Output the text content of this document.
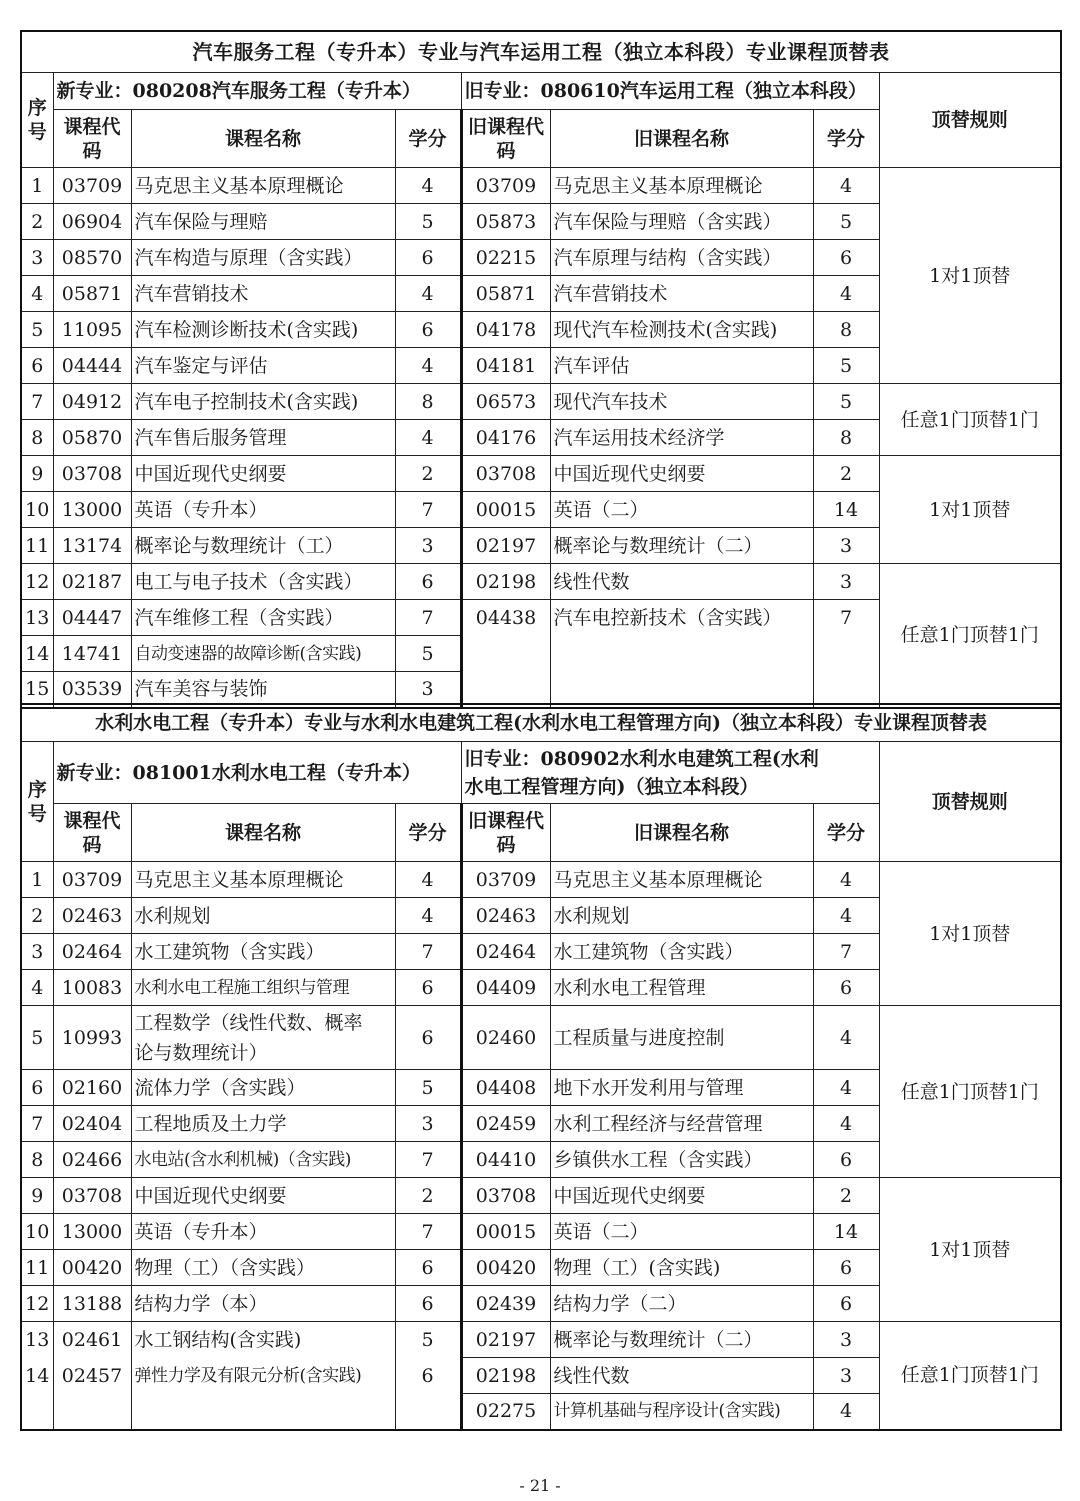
汽车服务工程（专升本）专业与汽车运用工程（独立本科段）专业课程顶替表							
序号	新专业：080208汽车服务工程（专升本）			旧专业：080610汽车运用工程（独立本科段）			顶替规则
	课程代码	课程名称	学分	旧课程代码	旧课程名称	学分	
1	03709	马克思主义基本原理概论	4	03709	马克思主义基本原理概论	4	1对1顶替
2	06904	汽车保险与理赔	5	05873	汽车保险与理赔（含实践）	5	
3	08570	汽车构造与原理（含实践）	6	02215	汽车原理与结构（含实践）	6	
4	05871	汽车营销技术	4	05871	汽车营销技术	4	
5	11095	汽车检测诊断技术(含实践)	6	04178	现代汽车检测技术(含实践)	8	
6	04444	汽车鉴定与评估	4	04181	汽车评估	5	
7	04912	汽车电子控制技术(含实践)	8	06573	现代汽车技术	5	任意1门顶替1门
8	05870	汽车售后服务管理	4	04176	汽车运用技术经济学	8	
9	03708	中国近现代史纲要	2	03708	中国近现代史纲要	2	1对1顶替
10	13000	英语（专升本）	7	00015	英语（二）	14	
11	13174	概率论与数理统计（工）	3	02197	概率论与数理统计（二）	3	
12	02187	电工与电子技术（含实践）	6	02198	线性代数	3	任意1门顶替1门
13	04447	汽车维修工程（含实践）	7	04438	汽车电控新技术（含实践）	7	
14	14741	自动变速器的故障诊断(含实践)	5				
15	03539	汽车美容与装饰	3				
水利水电工程（专升本）专业与水利水电建筑工程(水利水电工程管理方向)（独立本科段）专业课程顶替表							
序号	新专业：081001水利水电工程（专升本）			旧专业：080902水利水电建筑工程(水利
水电工程管理方向)（独立本科段）			顶替规则
	课程代码	课程名称	学分	旧课程代码	旧课程名称	学分	
1	03709	马克思主义基本原理概论	4	03709	马克思主义基本原理概论	4	1对1顶替
2	02463	水利规划	4	02463	水利规划	4	
3	02464	水工建筑物（含实践）	7	02464	水工建筑物（含实践）	7	
4	10083	水利水电工程施工组织与管理	6	04409	水利水电工程管理	6	
5	10993	工程数学（线性代数、概率
论与数理统计）	6	02460	工程质量与进度控制	4	任意1门顶替1门
6	02160	流体力学（含实践）	5	04408	地下水开发利用与管理	4	
7	02404	工程地质及土力学	3	02459	水利工程经济与经营管理	4	
8	02466	水电站(含水利机械)（含实践)	7	04410	乡镇供水工程（含实践）	6	
9	03708	中国近现代史纲要	2	03708	中国近现代史纲要	2	1对1顶替
10	13000	英语（专升本）	7	00015	英语（二）	14	
11	00420	物理（工）（含实践）	6	00420	物理（工）(含实践)	6	
12	13188	结构力学（本）	6	02439	结构力学（二）	6	
13	02461	水工钢结构(含实践)	5	02197	概率论与数理统计（二）	3	任意1门顶替1门
14	02457	弹性力学及有限元分析(含实践)	6	02198	线性代数	3	
				02275	计算机基础与程序设计(含实践)	4	
- 21 -
